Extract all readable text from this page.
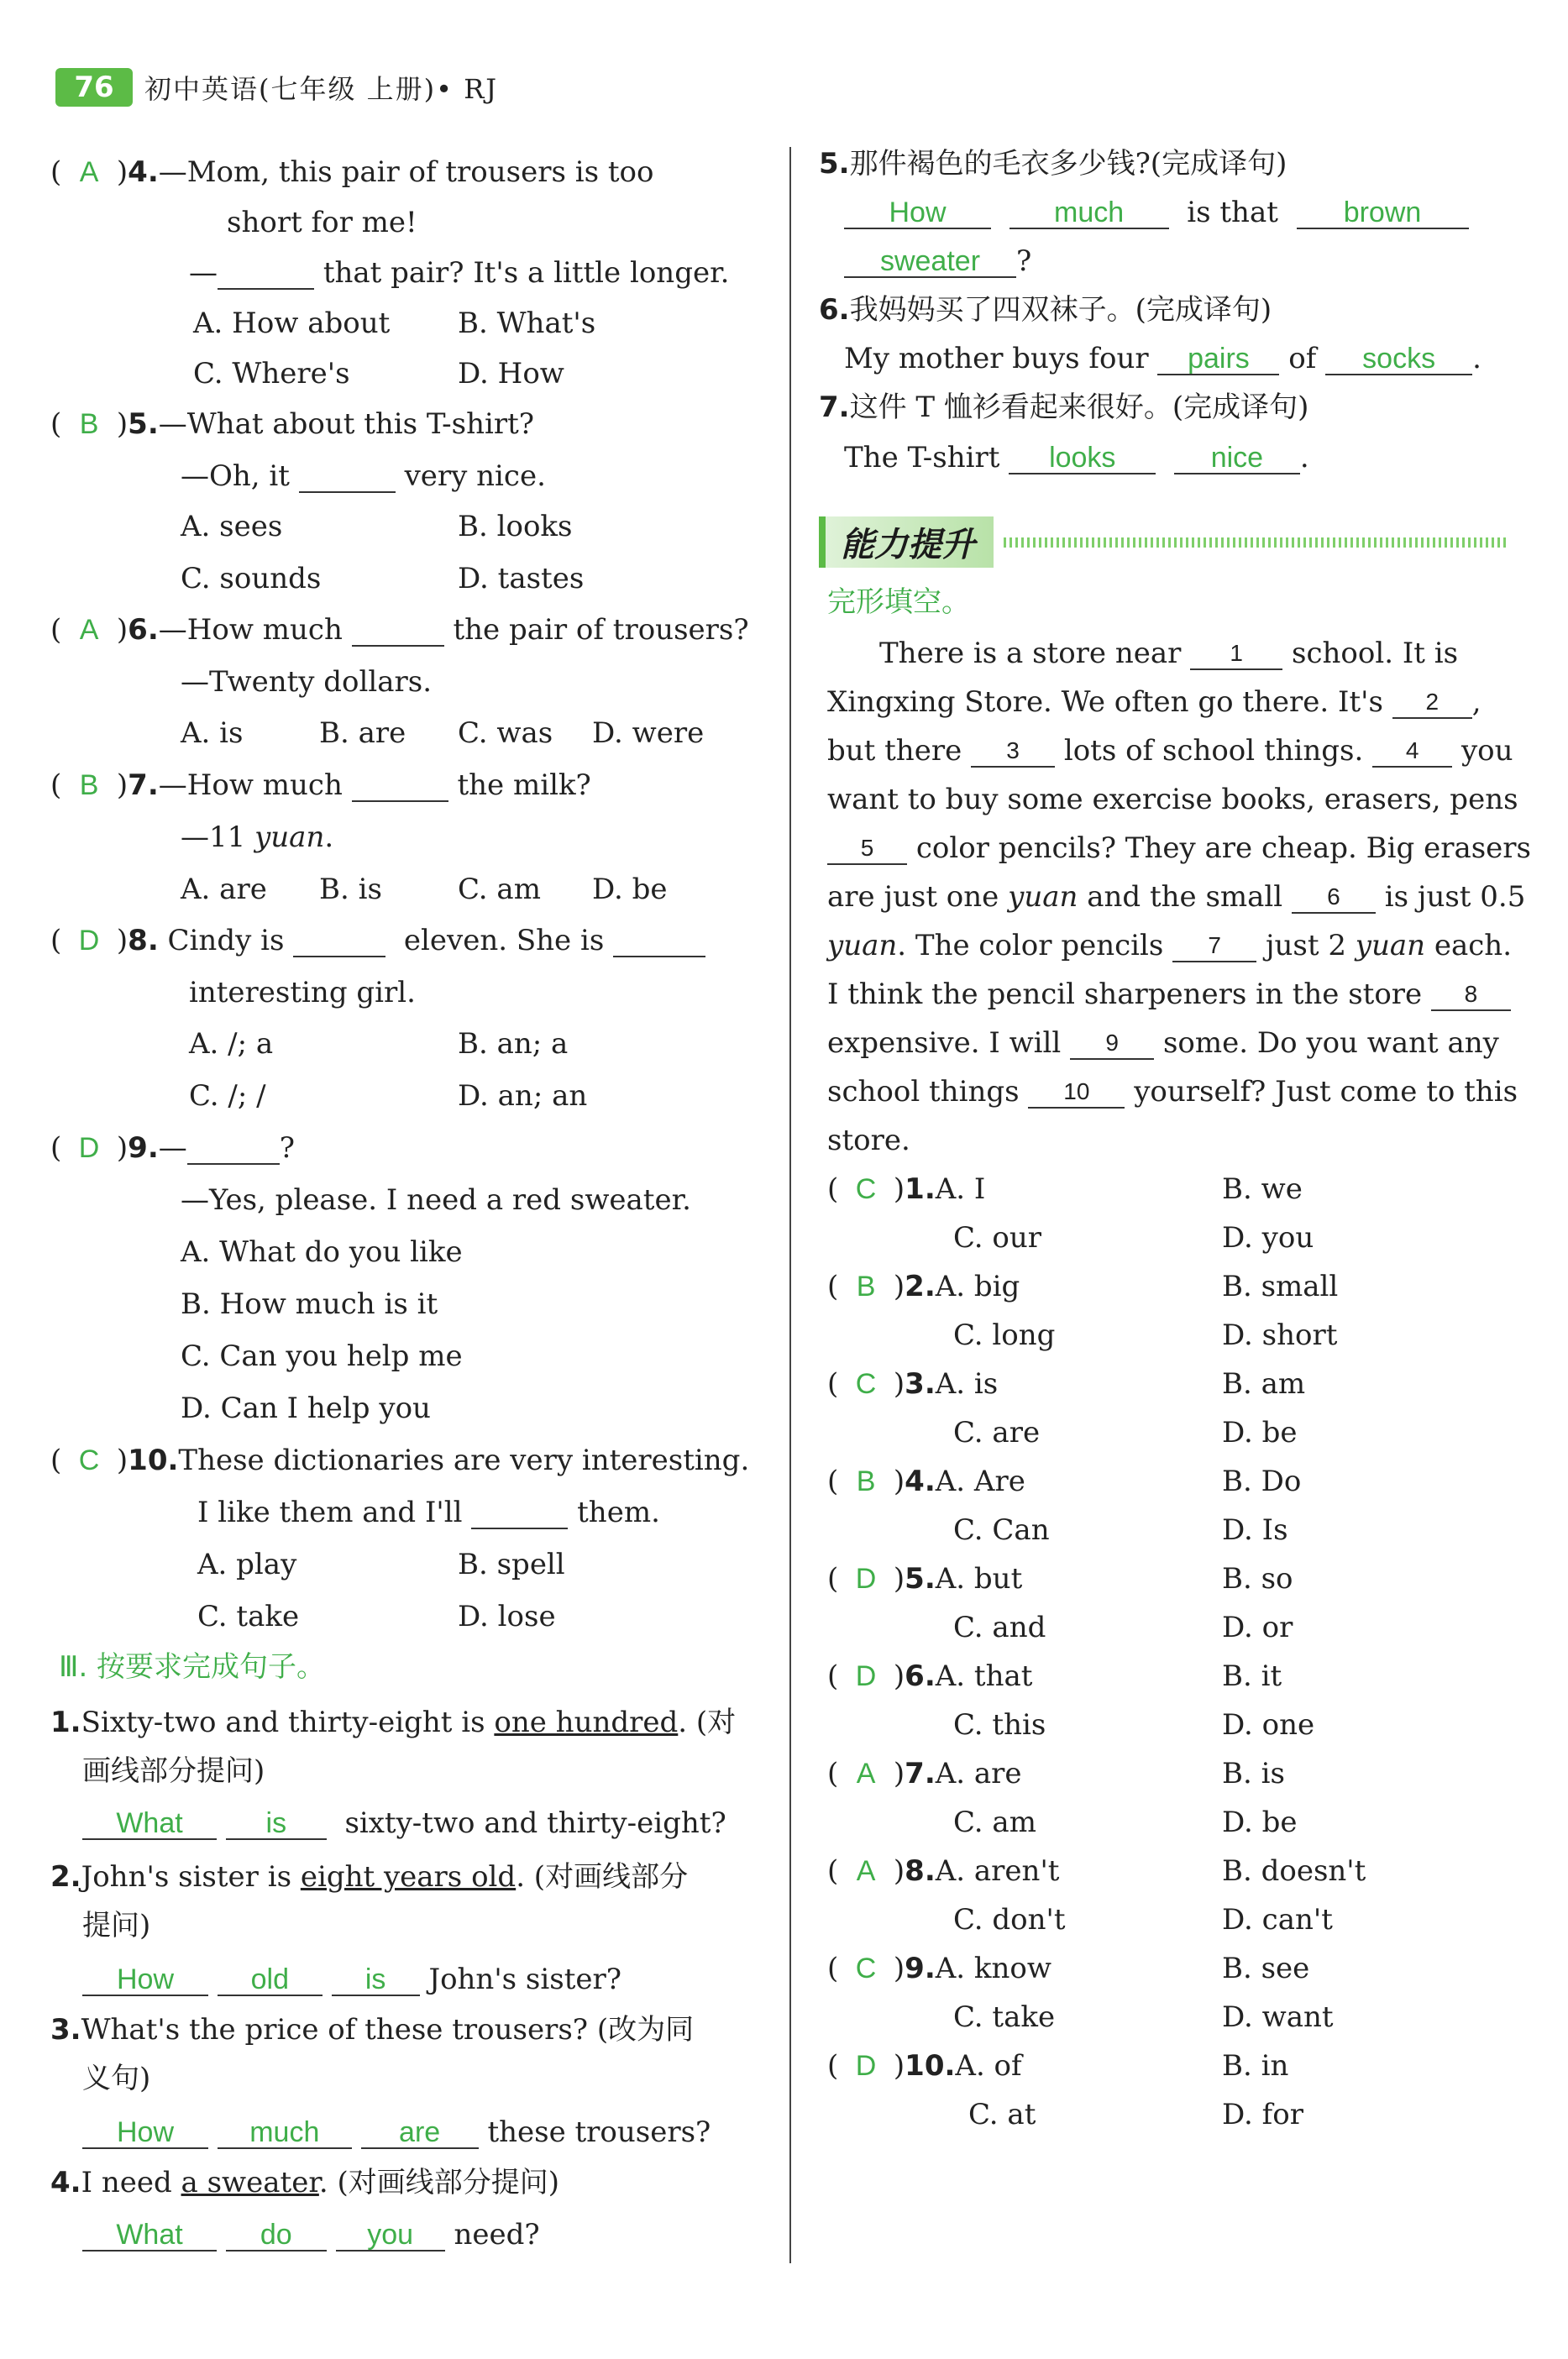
76	初中英语(七年级 上册)• RJ
( A )4.—Mom, this pair of trousers is too
short for me!
—	that pair? It's a little longer.
A. How about B. What's
C. Where's	D. How
( B )5.—What about this T-shirt?
—Oh, it	very nice.
A. sees	B. looks
C. sounds	D. tastes
( A )6.—How much	the pair of trousers?
—Twenty dollars.
A. is	B. are C. was D. were
( B )7.—How much	the milk?
—11 yuan.
A. are B. is	C. am D. be
( D )8. Cindy is	eleven. She is
interesting girl.
A. /; a	B. an; a
C. /; /	D. an; an
( D )9.—	?
—Yes, please. I need a red sweater.
A. What do you like
B. How much is it
C. Can you help me
D. Can I help you
( C )10.These dictionaries are very interesting.
I like them and I'll	them.
A. play	B. spell
C. take	D. lose
Ⅲ. 按要求完成句子。
1.Sixty-two and thirty-eight is one hundred. (对
画线部分提问)
What	is sixty-two and thirty-eight?
2.John's sister is eight years old. (对画线部分
提问)
How	old	is John's sister?
3.What's the price of these trousers? (改为同
义句)
How	much	are these trousers?
4.I need a sweater. (对画线部分提问)
What	do	you need?
5.那件褐色的毛衣多少钱?(完成译句)
How	much is that brown
sweater ?
6.我妈妈买了四双袜子。(完成译句)
My mother buys four pairs of socks .
7.这件 T 恤衫看起来很好。(完成译句)
The T-shirt looks	nice .
能力提升
完形填空。
There is a store near 1 school. It is
Xingxing Store. We often go there. It's 2 ,
but there 3 lots of school things. 4 you
want to buy some exercise books, erasers, pens
5 color pencils? They are cheap. Big erasers
are just one yuan and the small 6 is just 0.5
yuan. The color pencils 7 just 2 yuan each.
I think the pencil sharpeners in the store 8
expensive. I will 9 some. Do you want any
school things 10 yourself? Just come to this
store.
( C )1.A. I	B. we
C. our	D. you
( B )2.A. big	B. small
C. long	D. short
( C )3.A. is	B. am
C. are	D. be
( B )4.A. Are	B. Do
C. Can	D. Is
( D )5.A. but	B. so
C. and	D. or
( D )6.A. that	B. it
C. this	D. one
( A )7.A. are	B. is
C. am	D. be
( A )8.A. aren't	B. doesn't
C. don't	D. can't
( C )9.A. know	B. see
C. take	D. want
( D )10.A. of	B. in
C. at	D. for
